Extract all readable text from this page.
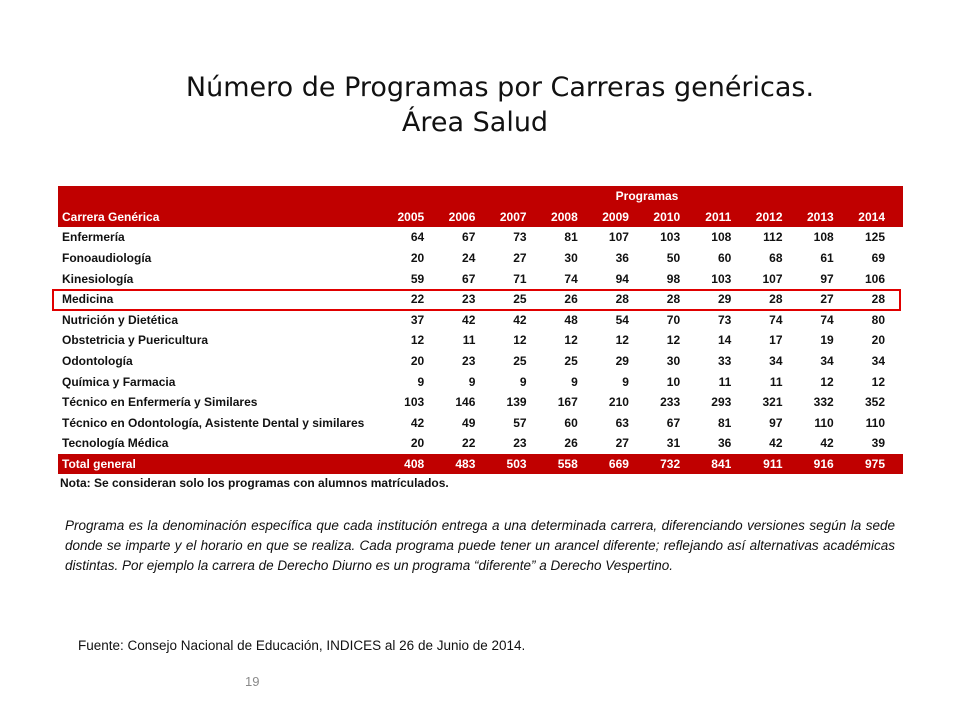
Número de Programas por Carreras genéricas.
Área Salud
	Programas									
Carrera Genérica	2005	2006	2007	2008	2009	2010	2011	2012	2013	2014
Enfermería	64	67	73	81	107	103	108	112	108	125
Fonoaudiología	20	24	27	30	36	50	60	68	61	69
Kinesiología	59	67	71	74	94	98	103	107	97	106
Medicina	22	23	25	26	28	28	29	28	27	28
Nutrición y Dietética	37	42	42	48	54	70	73	74	74	80
Obstetricia y Puericultura	12	11	12	12	12	12	14	17	19	20
Odontología	20	23	25	25	29	30	33	34	34	34
Química y Farmacia	9	9	9	9	9	10	11	11	12	12
Técnico en Enfermería y Similares	103	146	139	167	210	233	293	321	332	352
Técnico en Odontología, Asistente Dental y similares	42	49	57	60	63	67	81	97	110	110
Tecnología Médica	20	22	23	26	27	31	36	42	42	39
Total general	408	483	503	558	669	732	841	911	916	975
Nota: Se consideran solo los programas con alumnos matrículados.
Programa es la denominación específica que cada institución entrega a una determinada carrera, diferenciando versiones según la sede donde se imparte y el horario en que se realiza. Cada programa puede tener un arancel diferente; reflejando así alternativas académicas distintas. Por ejemplo la carrera de Derecho Diurno es un programa “diferente” a Derecho Vespertino.
Fuente: Consejo Nacional de Educación, INDICES al 26 de Junio de 2014.
19
